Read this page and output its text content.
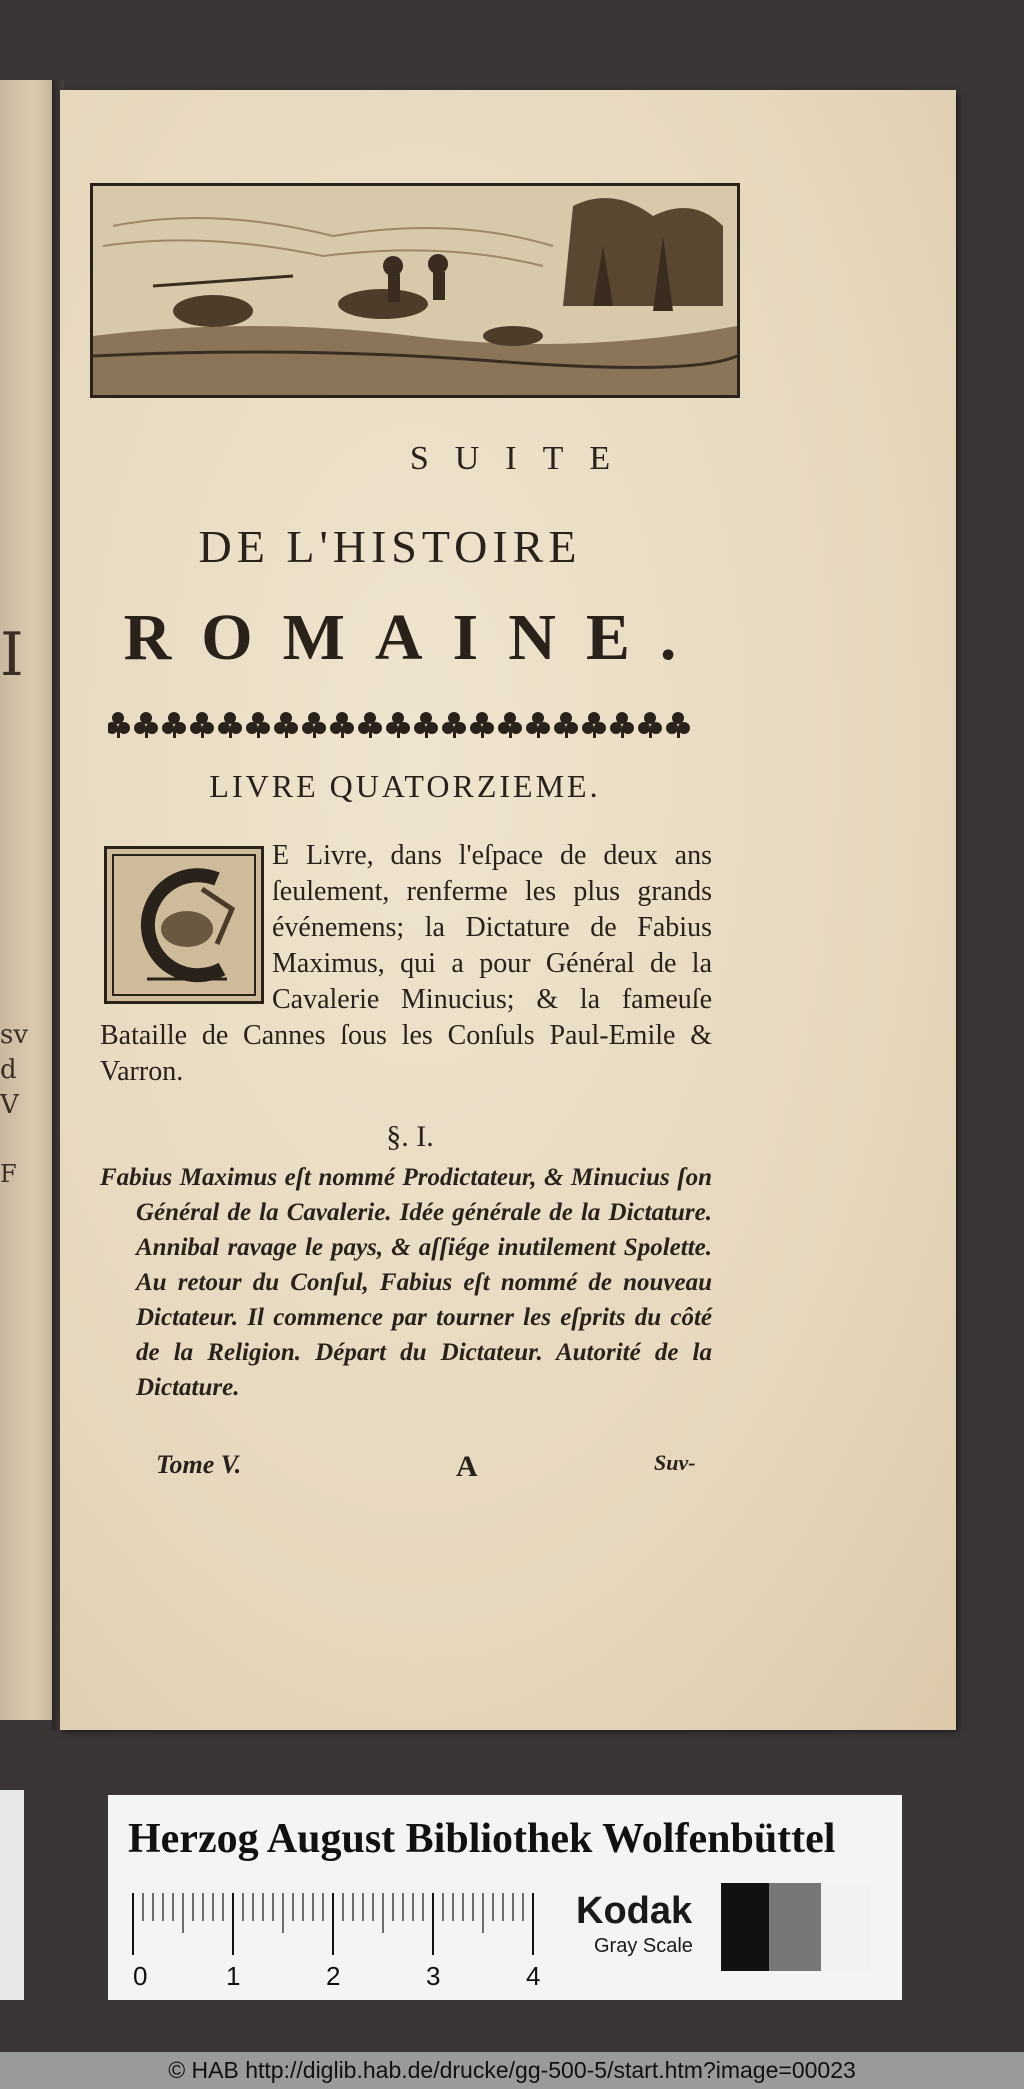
I
sv
d
V
F
SUITE
DE L'HISTOIRE
ROMAINE.
LIVRE QUATORZIEME.

E Livre, dans l'eſpace de deux ans ſeulement, renferme les plus grands événemens; la Dictature de Fabius Maximus, qui a pour Général de la Cavalerie Minucius; & la fameuſe Bataille de Cannes ſous les Conſuls Paul-Emile & Varron.

§. I.

Fabius Maximus eſt nommé Prodictateur, & Minucius ſon Général de la Cavalerie. Idée générale de la Dictature. Annibal ravage le pays, & aſſiége inutilement Spolette. Au retour du Conſul, Fabius eſt nommé de nouveau Dictateur. Il commence par tourner les eſprits du côté de la Religion. Départ du Dictateur. Autorité de la Dictature.

Tome V.	A	Suv-

Herzog August Bibliothek Wolfenbüttel

0	1	2	3	4
Kodak
Gray Scale
© HAB http://diglib.hab.de/drucke/gg-500-5/start.htm?image=00023
